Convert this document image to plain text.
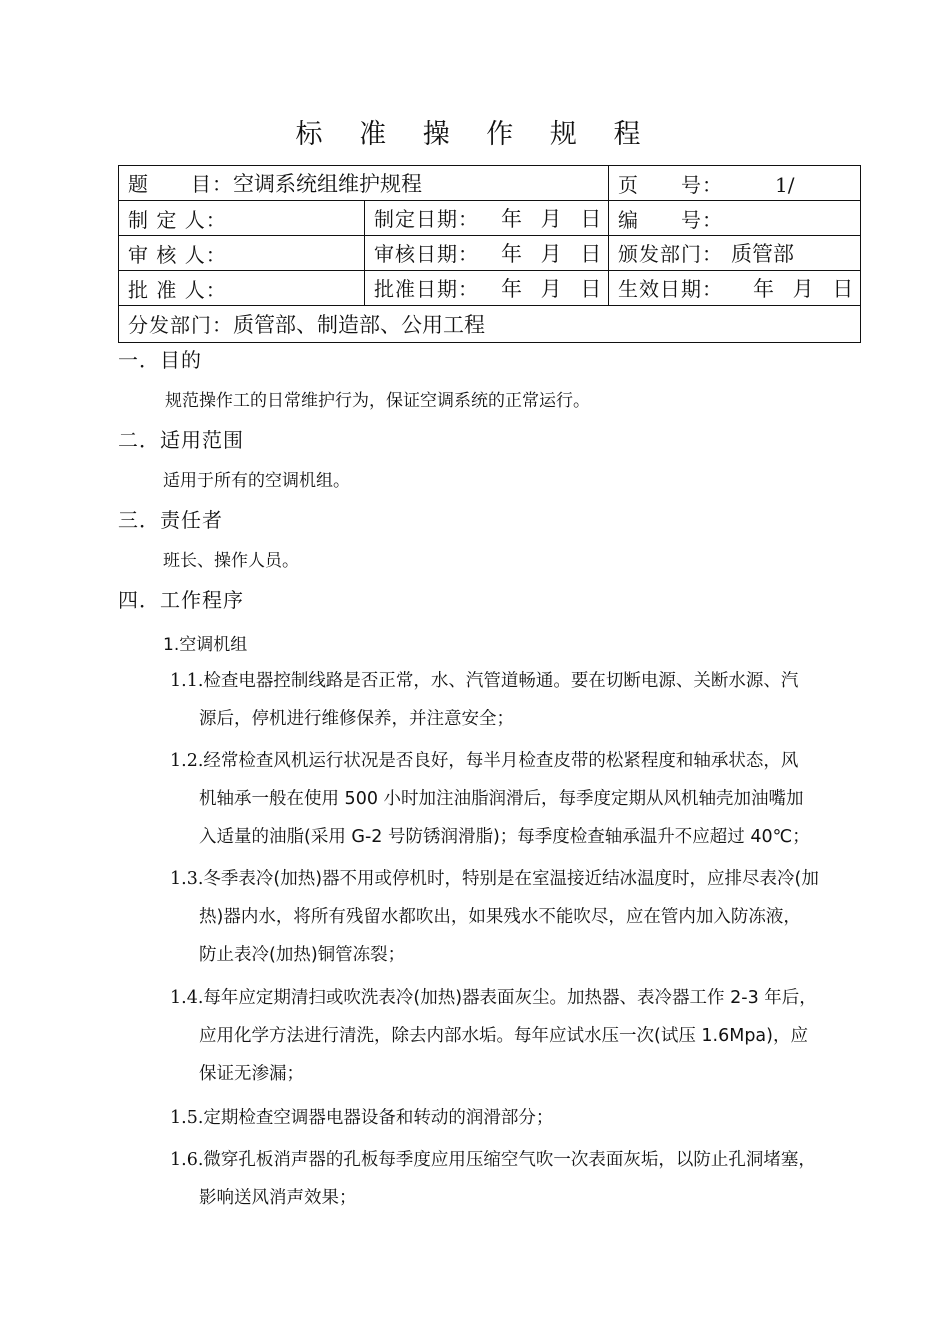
标 准 操 作 规 程
题　　目：空调系统组维护规程		页　　号： 1/
制 定 人：	制定日期： 年 月 日	编　　号：
审 核 人：	审核日期： 年 月 日	颁发部门： 质管部
批 准 人：	批准日期： 年 月 日	生效日期： 年 月 日
分发部门：质管部、制造部、公用工程		
一．目的
规范操作工的日常维护行为，保证空调系统的正常运行。
二．适用范围
适用于所有的空调机组。
三．责任者
班长、操作人员。
四．工作程序
1.空调机组
1.1.检查电器控制线路是否正常，水、汽管道畅通。要在切断电源、关断水源、汽
源后，停机进行维修保养，并注意安全；
1.2.经常检查风机运行状况是否良好，每半月检查皮带的松紧程度和轴承状态，风
机轴承一般在使用 500 小时加注油脂润滑后，每季度定期从风机轴壳加油嘴加
入适量的油脂(采用 G-2 号防锈润滑脂)；每季度检查轴承温升不应超过 40℃；
1.3.冬季表冷(加热)器不用或停机时，特别是在室温接近结冰温度时，应排尽表冷(加
热)器内水，将所有残留水都吹出，如果残水不能吹尽，应在管内加入防冻液，
防止表冷(加热)铜管冻裂；
1.4.每年应定期清扫或吹洗表冷(加热)器表面灰尘。加热器、表冷器工作 2-3 年后，
应用化学方法进行清洗，除去内部水垢。每年应试水压一次(试压 1.6Mpa)，应
保证无渗漏；
1.5.定期检查空调器电器设备和转动的润滑部分；
1.6.微穿孔板消声器的孔板每季度应用压缩空气吹一次表面灰垢，以防止孔洞堵塞，
影响送风消声效果；
